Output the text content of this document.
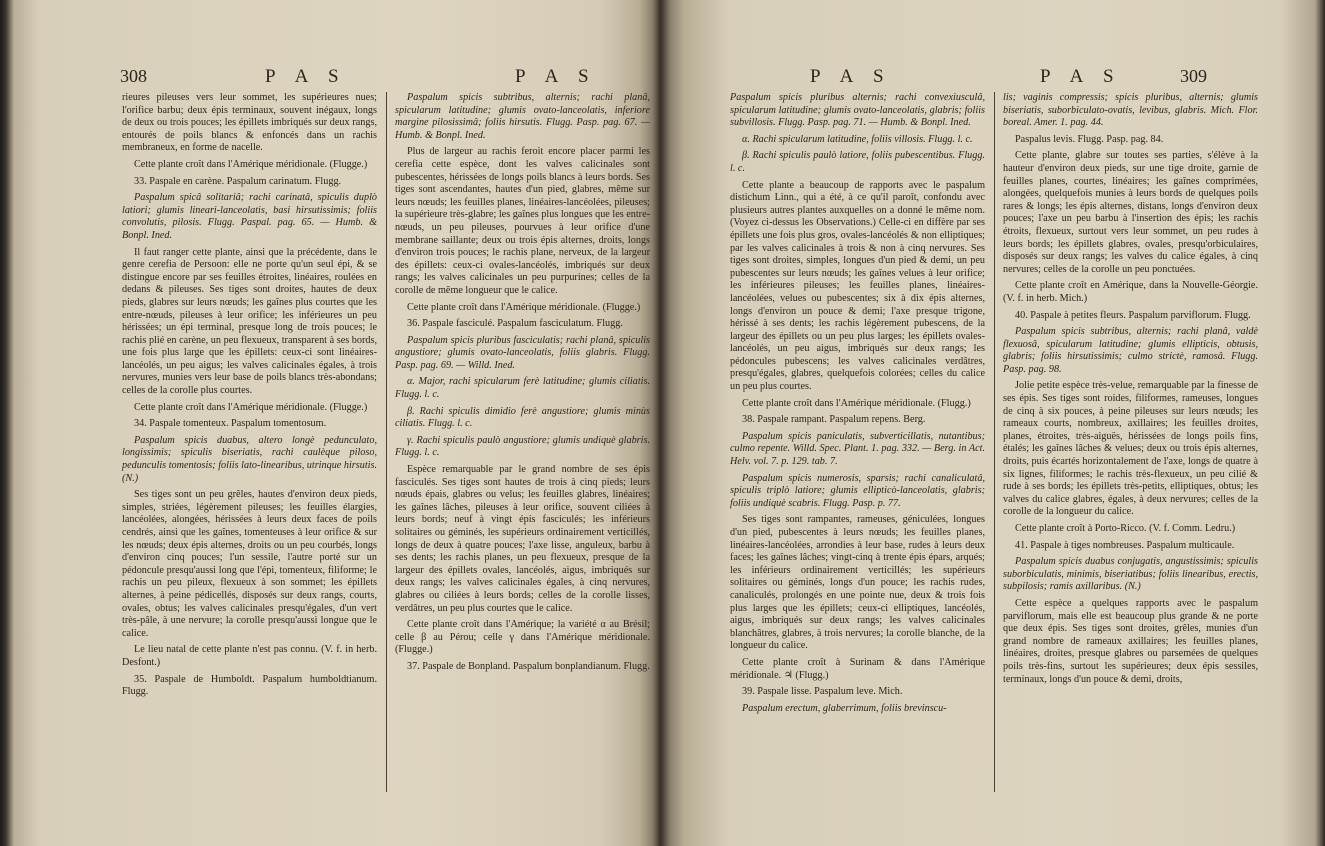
308	P A S	P A S

rieures pileuses vers leur sommet, les supérieures nues; l'orifice barbu; deux épis terminaux, souvent inégaux, longs de deux ou trois pouces; les épillets imbriqués sur deux rangs, entourés de poils blancs & enfoncés dans un rachis membraneux, en forme de nacelle.

Cette plante croît dans l'Amérique méridionale. (Flugge.)

33. Paspale en carène. Paspalum carinatum. Flugg.

Paspalum spicâ solitariâ; rachi carinatâ, spiculis duplò latiori; glumis lineari-lanceolatis, basi hirsutissimis; foliis convolutis, pilosis. Flugg. Paspal. pag. 65. — Humb. & Bonpl. Ined.

Il faut ranger cette plante, ainsi que la précédente, dans le genre cerefia de Persoon: elle ne porte qu'un seul épi, & se distingue encore par ses feuilles étroites, linéaires, roulées en dedans & pileuses. Ses tiges sont droites, hautes de deux pieds, glabres sur leurs nœuds; les gaînes plus courtes que les entre-nœuds, pileuses à leur orifice; les inférieures un peu hérissées; un épi terminal, presque long de trois pouces; le rachis plié en carène, un peu flexueux, transparent à ses bords, une fois plus large que les épillets: ceux-ci sont linéaires-lancéolés, un peu aigus; les valves calicinales égales, à trois nervures, munies vers leur base de poils blancs très-abondans; celles de la corolle plus courtes.

Cette plante croît dans l'Amérique méridionale. (Flugge.)

34. Paspale tomenteux. Paspalum tomentosum.

Paspalum spicis duabus, altero longè pedunculato, longissimis; spiculis biseriatis, rachi caulèque piloso, pedunculis tomentosis; foliis lato-linearibus, utrinque hirsutis. (N.)

Ses tiges sont un peu grêles, hautes d'environ deux pieds, simples, striées, légèrement pileuses; les feuilles élargies, lancéolées, alongées, hérissées à leurs deux faces de poils cendrés, ainsi que les gaînes, tomenteuses à leur orifice & sur les nœuds; deux épis alternes, droits ou un peu courbés, longs d'environ cinq pouces; l'un sessile, l'autre porté sur un pédoncule presqu'aussi long que l'épi, tomenteux, filiforme; le rachis un peu pileux, flexueux à son sommet; les épillets alternes, à peine pédicellés, disposés sur deux rangs, courts, ovales, obtus; les valves calicinales presqu'égales, d'un vert très-pâle, à une nervure; la corolle presqu'aussi longue que le calice.

Le lieu natal de cette plante n'est pas connu. (V. f. in herb. Desfont.)

35. Paspale de Humboldt. Paspalum humboldtianum. Flugg.

Paspalum spicis subtribus, alternis; rachi planâ, spicularum latitudine; glumis ovato-lanceolatis, inferiore margine pilosissimâ; foliis hirsutis. Flugg. Pasp. pag. 67. — Humb. & Bonpl. Ined.

Plus de largeur au rachis feroit encore placer parmi les cerefia cette espèce, dont les valves calicinales sont pubescentes, hérissées de longs poils blancs à leurs bords. Ses tiges sont ascendantes, hautes d'un pied, glabres, même sur leurs nœuds; les feuilles planes, linéaires-lancéolées, pileuses; la supérieure très-glabre; les gaînes plus longues que les entre-nœuds, un peu pileuses, pourvues à leur orifice d'une membrane saillante; deux ou trois épis alternes, droits, longs d'environ trois pouces; le rachis plane, nerveux, de la largeur des épillets: ceux-ci ovales-lancéolés, imbriqués sur deux rangs; les valves calicinales un peu purpurines; celles de la corolle de même longueur que le calice.

Cette plante croît dans l'Amérique méridionale. (Flugge.)

36. Paspale fasciculé. Paspalum fasciculatum. Flugg.

Paspalum spicis pluribus fasciculatis; rachi planâ, spiculis angustiore; glumis ovato-lanceolatis, foliis glabris. Flugg. Pasp. pag. 69. — Willd. Ined.

α. Major, rachi spicularum ferè latitudine; glumis ciliatis. Flugg. l. c.

β. Rachi spiculis dimidio ferè angustiore; glumis minùs ciliatis. Flugg. l. c.

γ. Rachi spiculis paulò angustiore; glumis undiquè glabris. Flugg. l. c.

Espèce remarquable par le grand nombre de ses épis fasciculés. Ses tiges sont hautes de trois à cinq pieds; leurs nœuds épais, glabres ou velus; les feuilles glabres, linéaires; les gaînes lâches, pileuses à leur orifice, souvent ciliées à leurs bords; neuf à vingt épis fasciculés; les inférieurs solitaires ou géminés, les supérieurs ordinairement verticillés, longs de deux à quatre pouces; l'axe lisse, anguleux, barbu à ses dents; les rachis planes, un peu flexueux, presque de la largeur des épillets ovales, lancéolés, aigus, imbriqués sur deux rangs; les valves calicinales égales, à cinq nervures, glabres ou ciliées à leurs bords; celles de la corolle lisses, verdâtres, un peu plus courtes que le calice.

Cette plante croît dans l'Amérique; la variété α au Brésil; celle β au Pérou; celle γ dans l'Amérique méridionale. (Flugge.)

37. Paspale de Bonpland. Paspalum bonplandianum. Flugg.

P A S	P A S	309

Paspalum spicis pluribus alternis; rachi convexiusculâ, spicularum latitudine; glumis ovato-lanceolatis, glabris; foliis subvillosis. Flugg. Pasp. pag. 71. — Humb. & Bonpl. Ined.

α. Rachi spicularum latitudine, foliis villosis. Flugg. l. c.

β. Rachi spiculis paulò latiore, foliis pubescentibus. Flugg. l. c.

Cette plante a beaucoup de rapports avec le paspalum distichum Linn., qui a été, à ce qu'il paroît, confondu avec plusieurs autres plantes auxquelles on a donné le même nom. (Voyez ci-dessus les Observations.) Celle-ci en diffère par ses épillets une fois plus gros, ovales-lancéolés & non elliptiques; par les valves calicinales à trois & non à cinq nervures. Ses tiges sont droites, simples, longues d'un pied & demi, un peu pubescentes sur leurs nœuds; les gaînes velues à leur orifice; les inférieures pileuses; les feuilles planes, linéaires-lancéolées, velues ou pubescentes; six à dix épis alternes, longs d'environ un pouce & demi; l'axe presque trigone, hérissé à ses dents; les rachis légèrement pubescens, de la largeur des épillets ou un peu plus larges; les épillets ovales-lancéolés, un peu aigus, imbriqués sur deux rangs; les pédoncules pubescens; les valves calicinales verdâtres, presqu'égales, glabres, quelquefois colorées; celles du calice un peu plus courtes.

Cette plante croît dans l'Amérique méridionale. (Flugg.)

38. Paspale rampant. Paspalum repens. Berg.

Paspalum spicis paniculatis, subverticillatis, nutantibus; culmo repente. Willd. Spec. Plant. 1. pag. 332. — Berg. in Act. Helv. vol. 7. p. 129. tab. 7.

Paspalum spicis numerosis, sparsis; rachi canaliculatâ, spiculis triplò latiore; glumis ellipticò-lanceolatis, glabris; foliis undiquè scabris. Flugg. Pasp. p. 77.

Ses tiges sont rampantes, rameuses, géniculées, longues d'un pied, pubescentes à leurs nœuds; les feuilles planes, linéaires-lancéolées, arrondies à leur base, rudes à leurs deux faces; les gaînes lâches; vingt-cinq à trente épis épars, arqués; les inférieurs ordinairement verticillés; les supérieurs solitaires ou géminés, longs d'un pouce; les rachis rudes, canaliculés, prolongés en une pointe nue, deux & trois fois plus larges que les épillets; ceux-ci elliptiques, lancéolés, aigus, imbriqués sur deux rangs; les valves calicinales blanchâtres, glabres, à trois nervures; la corolle blanche, de la longueur du calice.

Cette plante croît à Surinam & dans l'Amérique méridionale. ♃ (Flugg.)

39. Paspale lisse. Paspalum leve. Mich.

Paspalum erectum, glaberrimum, foliis brevinscu-

lis; vaginis compressis; spicis pluribus, alternis; glumis biseriatis, suborbiculato-ovatis, levibus, glabris. Mich. Flor. boreal. Amer. 1. pag. 44.

Paspalus levis. Flugg. Pasp. pag. 84.

Cette plante, glabre sur toutes ses parties, s'élève à la hauteur d'environ deux pieds, sur une tige droite, garnie de feuilles planes, courtes, linéaires; les gaînes comprimées, alongées, quelquefois munies à leurs bords de quelques poils rares & longs; les épis alternes, distans, longs d'environ deux pouces; l'axe un peu barbu à l'insertion des épis; les rachis étroits, flexueux, surtout vers leur sommet, un peu rudes à leurs bords; les épillets glabres, ovales, presqu'orbiculaires, disposés sur deux rangs; les valves du calice égales, à cinq nervures; celles de la corolle un peu ponctuées.

Cette plante croît en Amérique, dans la Nouvelle-Géorgie. (V. f. in herb. Mich.)

40. Paspale à petites fleurs. Paspalum parviflorum. Flugg.

Paspalum spicis subtribus, alternis; rachi planâ, valdè flexuosâ, spicularum latitudine; glumis ellipticis, obtusis, glabris; foliis hirsutissimis; culmo strictè, ramosâ. Flugg. Pasp. pag. 98.

Jolie petite espèce très-velue, remarquable par la finesse de ses épis. Ses tiges sont roides, filiformes, rameuses, longues de cinq à six pouces, à peine pileuses sur leurs nœuds; les rameaux courts, nombreux, axillaires; les feuilles droites, planes, étroites, très-aiguës, hérissées de longs poils fins, étalés; les gaînes lâches & velues; deux ou trois épis alternes, droits, puis écartés horizontalement de l'axe, longs de quatre à six lignes, filiformes; le rachis très-flexueux, un peu cilié & rude à ses bords; les épillets très-petits, elliptiques, obtus; les valves du calice glabres, égales, à deux nervures; celles de la corolle de la longueur du calice.

Cette plante croît à Porto-Ricco. (V. f. Comm. Ledru.)

41. Paspale à tiges nombreuses. Paspalum multicaule.

Paspalum spicis duabus conjugatis, angustissimis; spiculis suborbiculatis, minimis, biseriatibus; foliis linearibus, erectis, subpilosis; ramis axillaribus. (N.)

Cette espèce a quelques rapports avec le paspalum parviflorum, mais elle est beaucoup plus grande & ne porte que deux épis. Ses tiges sont droites, grêles, munies d'un grand nombre de rameaux axillaires; les feuilles planes, linéaires, droites, presque glabres ou parsemées de quelques poils très-fins, surtout les supérieures; deux épis sessiles, terminaux, longs d'un pouce & demi, droits,
